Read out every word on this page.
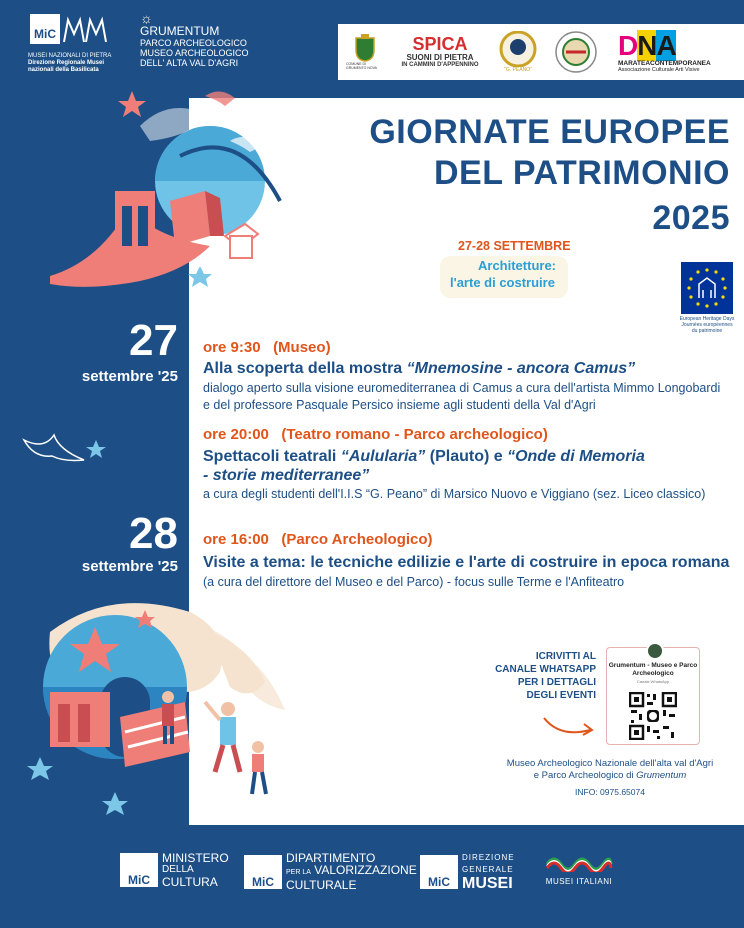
MiC
MUSEI NAZIONALI DI PIETRA
Direzione Regionale Musei
nazionali della Basilicata
☼
GRUMENTUM
PARCO ARCHEOLOGICO
MUSEO ARCHEOLOGICO
DELL' ALTA VAL D'AGRI	COMUNE DI GRUMENTO NOVA
SPICA
SUONI DI PIETRA
IN CAMMINI D'APPENNINO
"G. PEANO"
DNA
MARATEACONTEMPORANEA
Associazione Culturale Arti Visive
GIORNATE EUROPEE
DEL PATRIMONIO
2025
27-28 SETTEMBRE
Architetture:
l'arte di costruire
European Heritage Days
Journées européennes
du patrimoine
27
settembre '25
ore 9:30 (Museo)
Alla scoperta della mostra “Mnemosine - ancora Camus”
dialogo aperto sulla visione euromediterranea di Camus a cura dell'artista Mimmo Longobardi
e del professore Pasquale Persico insieme agli studenti della Val d'Agri
ore 20:00 (Teatro romano - Parco archeologico)
Spettacoli teatrali “Aulularia” (Plauto) e “Onde di Memoria
- storie mediterranee”
a cura degli studenti dell'I.I.S “G. Peano” di Marsico Nuovo e Viggiano (sez. Liceo classico)
28
settembre '25
ore 16:00 (Parco Archeologico)
Visite a tema: le tecniche edilizie e l'arte di costruire in epoca romana
(a cura del direttore del Museo e del Parco) - focus sulle Terme e l'Anfiteatro
ICRIVITTI AL
CANALE WHATSAPP
PER I DETTAGLI
DEGLI EVENTI
Grumentum - Museo e Parco
Archeologico
Canale WhatsApp
Museo Archeologico Nazionale dell'alta val d'Agri
e Parco Archeologico di Grumentum
INFO: 0975.65074
MiC
MINISTERO
DELLA
CULTURA	MiC
DIPARTIMENTO
PER LA VALORIZZAZIONE
CULTURALE	MiC
DIREZIONE
GENERALE
MUSEI	MUSEI ITALIANI
